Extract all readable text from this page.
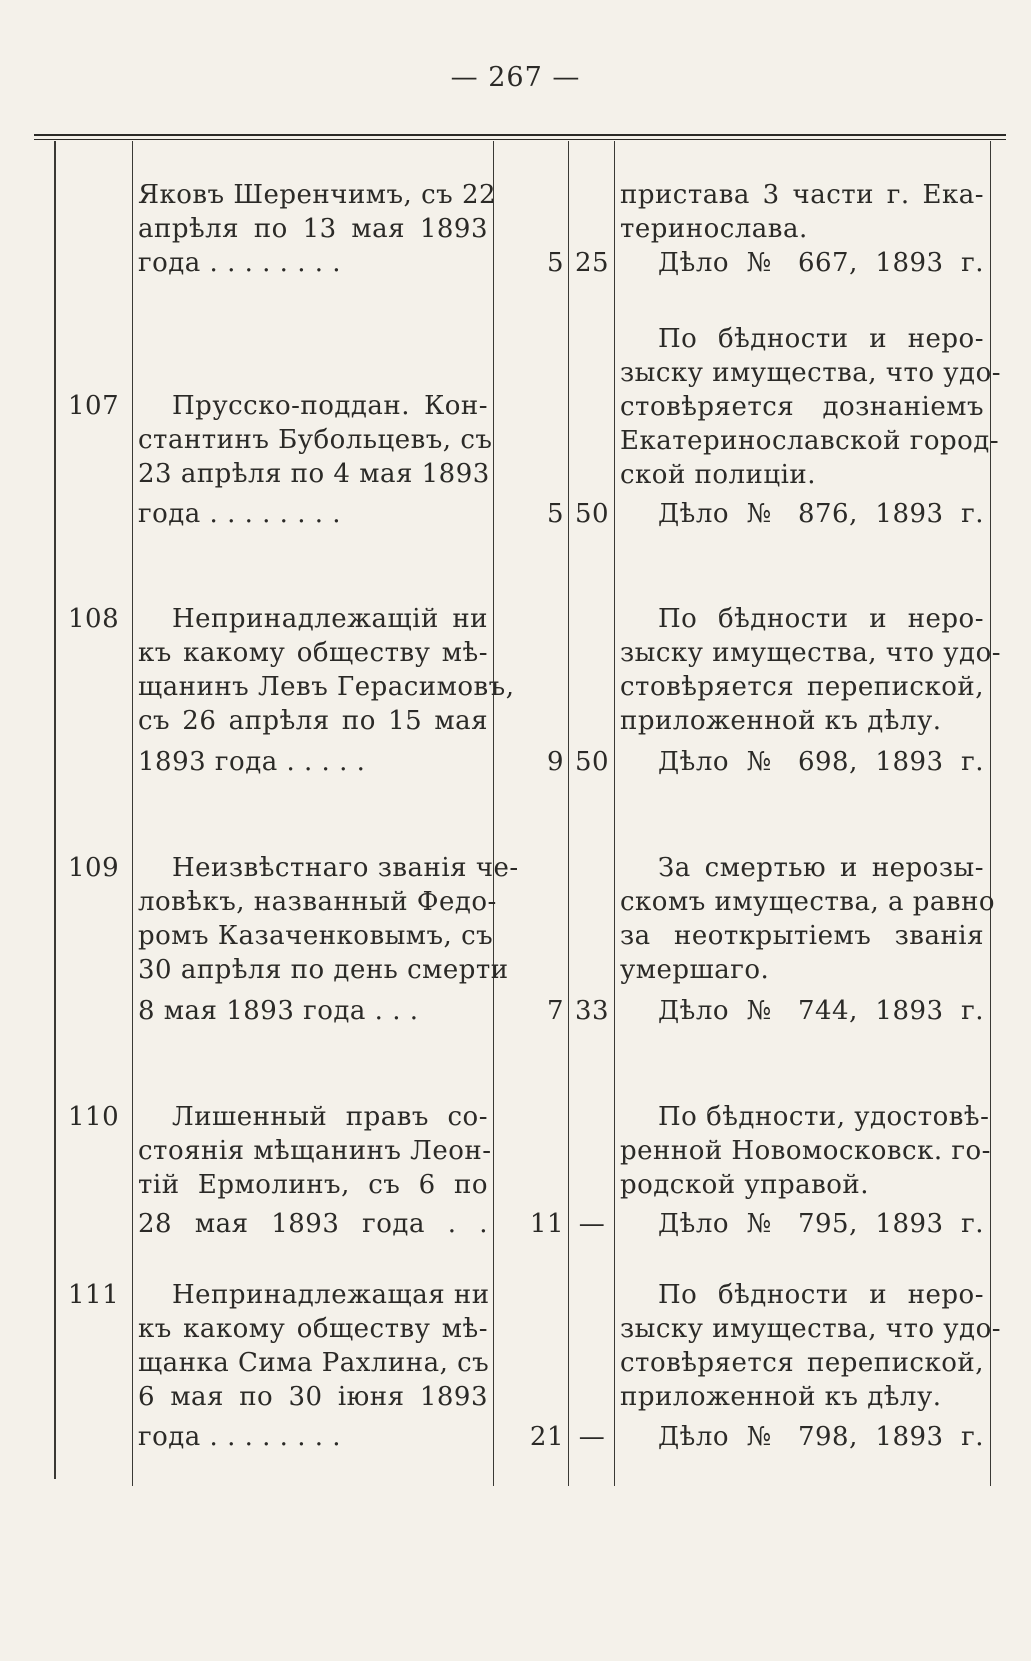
— 267 —
Яковъ Шеренчимъ, съ 22
апрѣля по 13 мая 1893
года . . . . . . . .	5 25
пристава 3 части г. Ека-
теринослава.
Дѣло № 667, 1893 г.
107 Прусско-поддан. Кон-
стантинъ Бубольцевъ, съ
23 апрѣля по 4 мая 1893
года . . . . . . . .	5 50
По бѣдности и неро-
зыску имущества, что удо-
стовѣряется дознаніемъ
Екатеринославской город-
ской полиціи.
Дѣло № 876, 1893 г.
108 Непринадлежащій ни
къ какому обществу мѣ-
щанинъ Левъ Герасимовъ,
съ 26 апрѣля по 15 мая
1893 года . . . . .	9 50
По бѣдности и неро-
зыску имущества, что удо-
стовѣряется перепиской,
приложенной къ дѣлу.
Дѣло № 698, 1893 г.
109 Неизвѣстнаго званія че-
ловѣкъ, названный Федо-
ромъ Казаченковымъ, съ
30 апрѣля по день смерти
8 мая 1893 года . . .	7 33
За смертью и нерозы-
скомъ имущества, а равно
за неоткрытіемъ званія
умершаго.
Дѣло № 744, 1893 г.
110 Лишенный правъ со-
стоянія мѣщанинъ Леон-
тій Ермолинъ, съ 6 по
28 мая 1893 года . .	11 —
По бѣдности, удостовѣ-
ренной Новомосковск. го-
родской управой.
Дѣло № 795, 1893 г.
111 Непринадлежащая ни
къ какому обществу мѣ-
щанка Сима Рахлина, съ
6 мая по 30 іюня 1893
года . . . . . . . .	21 —
По бѣдности и неро-
зыску имущества, что удо-
стовѣряется перепиской,
приложенной къ дѣлу.
Дѣло № 798, 1893 г.
